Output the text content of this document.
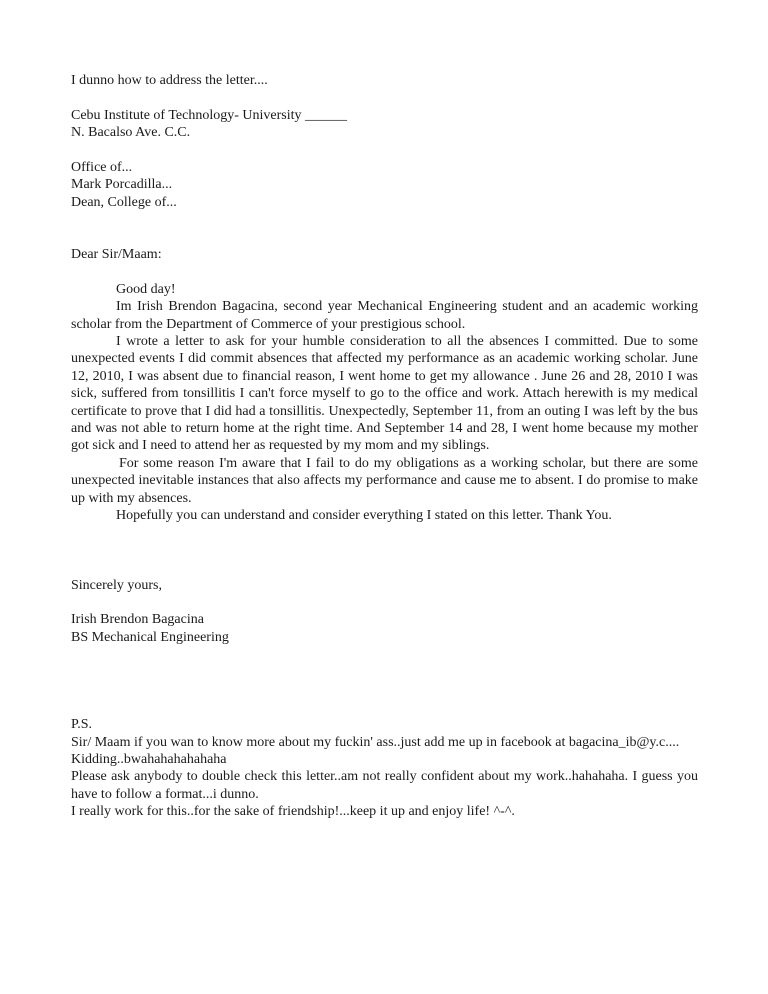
I dunno how to address the letter....

Cebu Institute of Technology- University ______

N. Bacalso Ave. C.C.

Office of...

Mark Porcadilla...

Dean, College of...

Dear Sir/Maam:

Good day!

Im Irish Brendon Bagacina, second year Mechanical Engineering student and an academic working scholar from the Department of Commerce of your prestigious school.

I wrote a letter to ask for your humble consideration to all the absences I committed. Due to some unexpected events I did commit absences that affected my performance as an academic working scholar. June 12, 2010, I was absent due to financial reason, I went home to get my allowance . June 26 and 28, 2010 I was sick, suffered from tonsillitis I can't force myself to go to the office and work. Attach herewith is my medical certificate to prove that I did had a tonsillitis. Unexpectedly, September 11, from an outing I was left by the bus and was not able to return home at the right time. And September 14 and 28, I went home because my mother got sick and I need to attend her as requested by my mom and my siblings.

For some reason I'm aware that I fail to do my obligations as a working scholar, but there are some unexpected inevitable instances that also affects my performance and cause me to absent. I do promise to make up with my absences.

Hopefully you can understand and consider everything I stated on this letter. Thank You.

Sincerely yours,

Irish Brendon Bagacina

BS Mechanical Engineering

P.S.

Sir/ Maam if you wan to know more about my fuckin' ass..just add me up in facebook at bagacina_ib@y.c....

Kidding..bwahahahahahaha

Please ask anybody to double check this letter..am not really confident about my work..hahahaha. I guess you have to follow a format...i dunno.

I really work for this..for the sake of friendship!...keep it up and enjoy life! ^-^.
